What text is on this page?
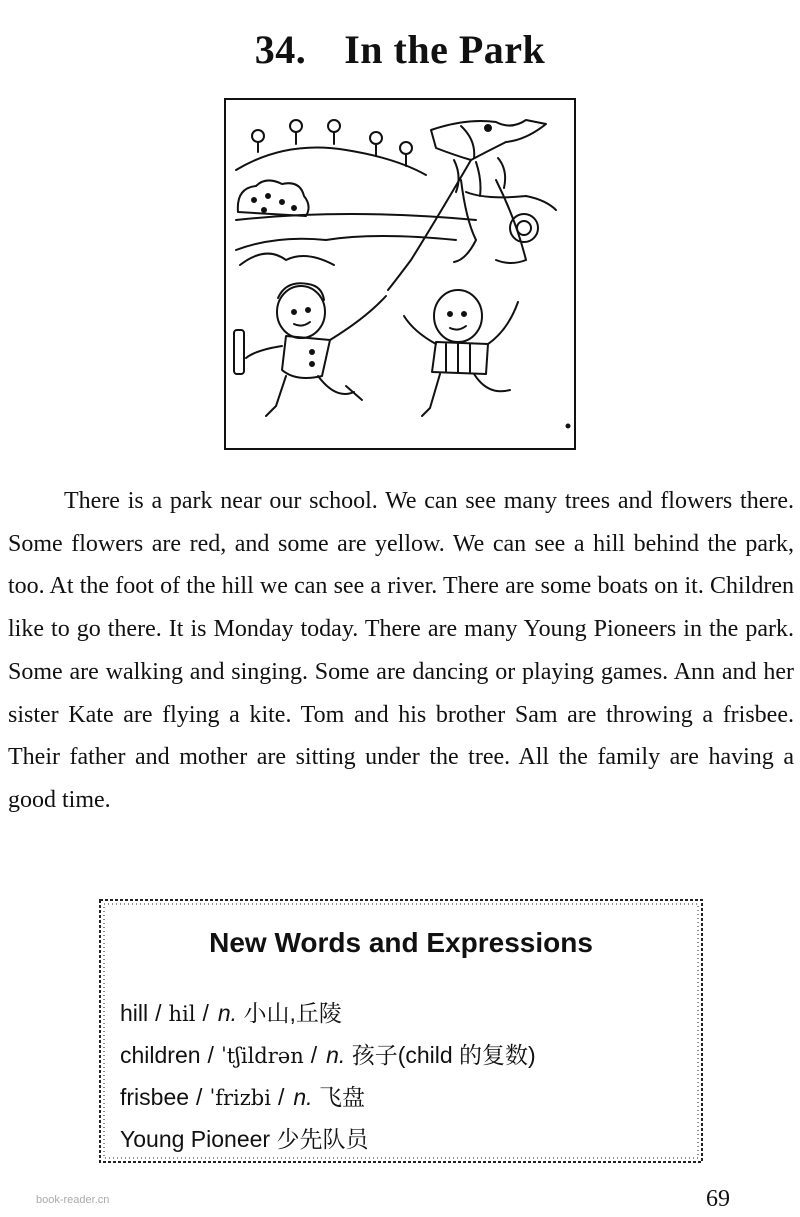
34. In the Park

There is a park near our school. We can see many trees and flowers there. Some flowers are red, and some are yellow. We can see a hill behind the park, too. At the foot of the hill we can see a river. There are some boats on it. Children like to go there. It is Monday today. There are many Young Pioneers in the park. Some are walking and singing. Some are dancing or playing games. Ann and her sister Kate are flying a kite. Tom and his brother Sam are throwing a frisbee. Their father and mother are sitting under the tree. All the family are having a good time.

New Words and Expressions
hill / hil / n. 小山,丘陵
children / ˈtʃildrən / n. 孩子(child 的复数)
frisbee / ˈfrizbi / n. 飞盘
Young Pioneer 少先队员
book-reader.cn	69
